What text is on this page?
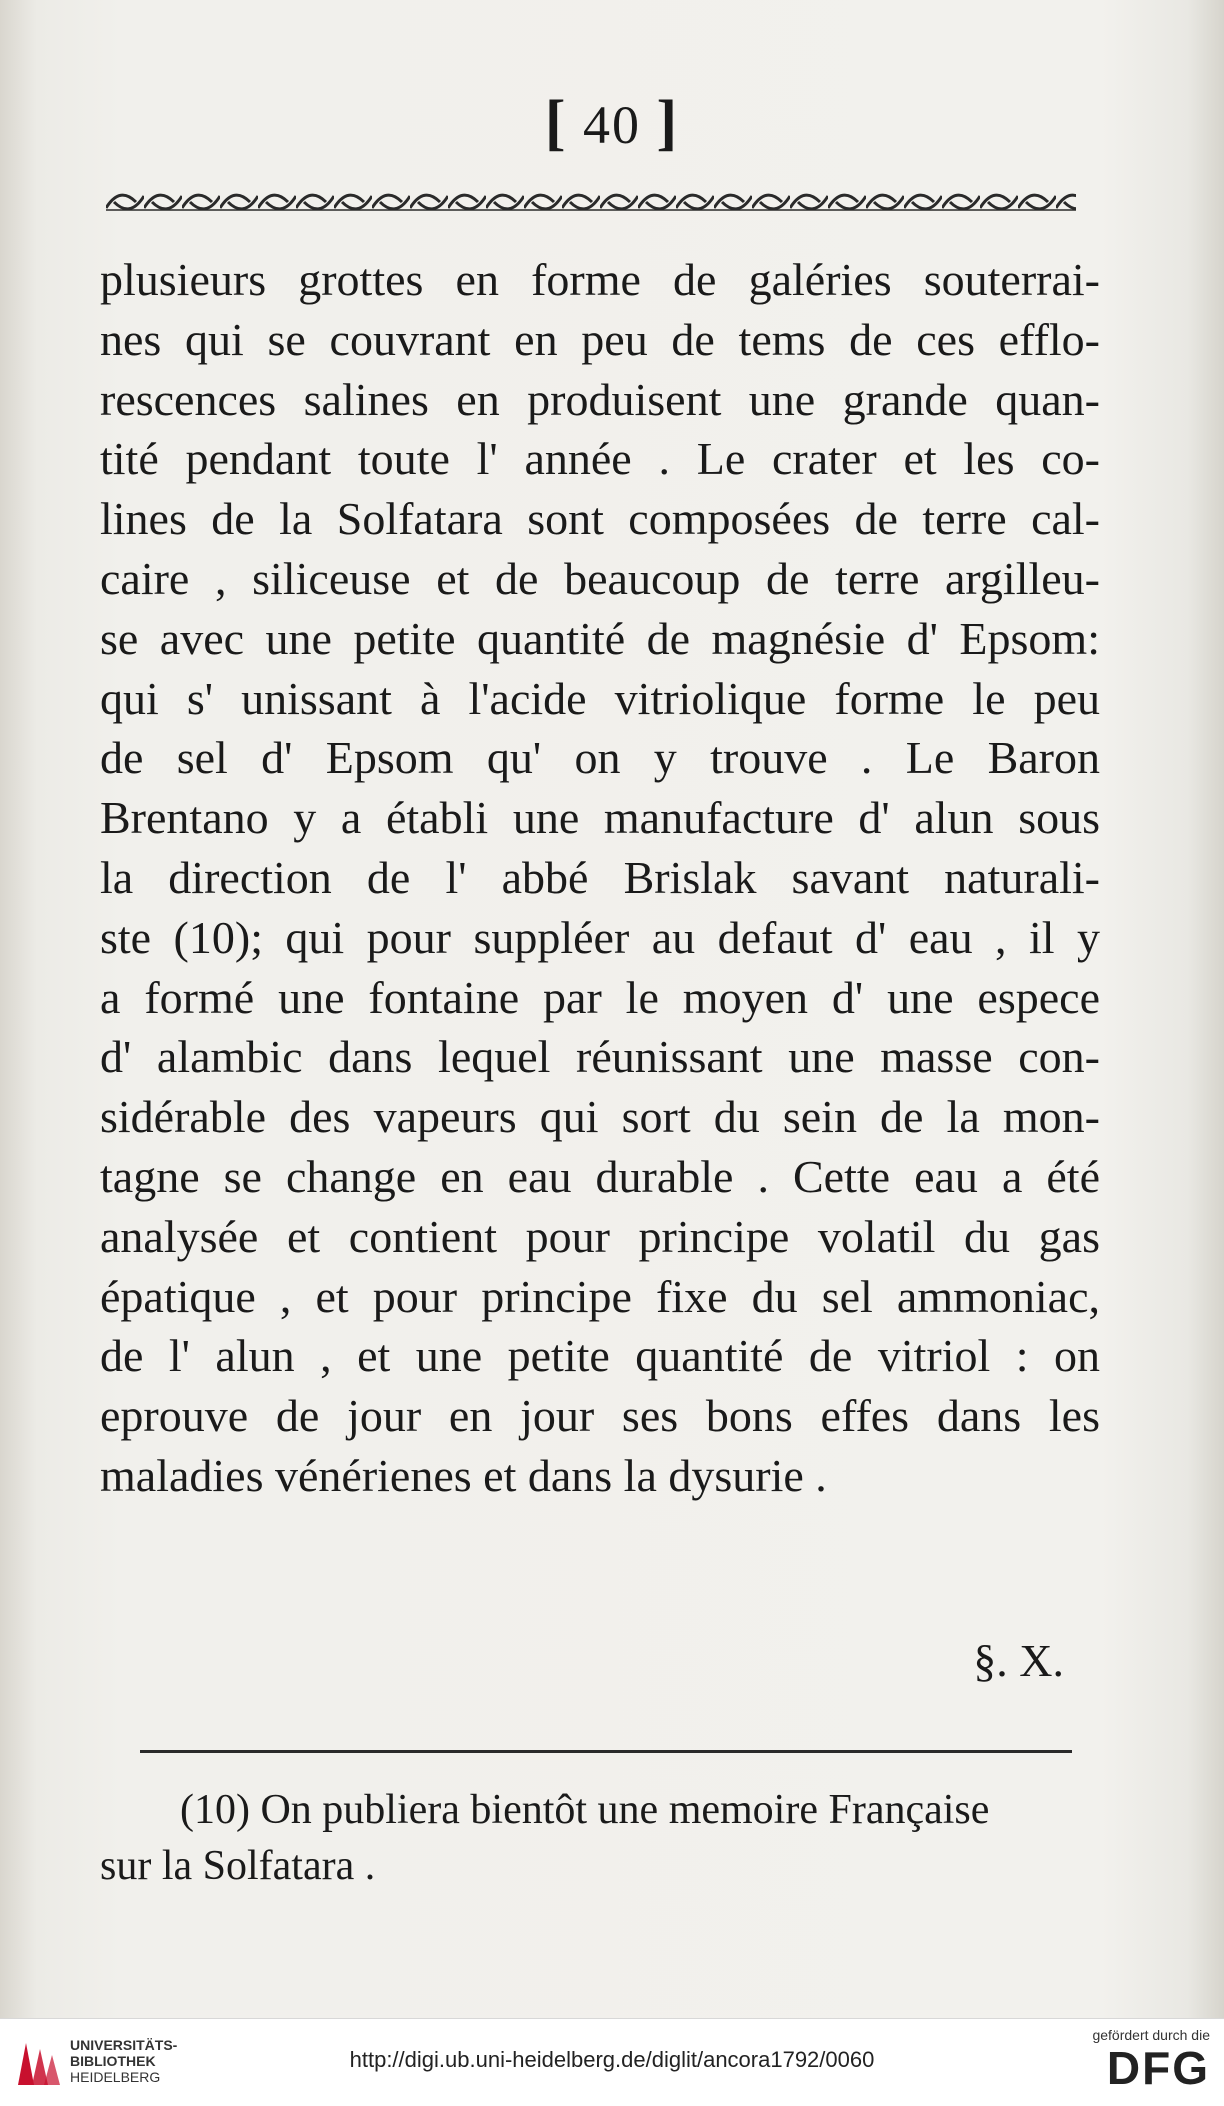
[ 40 ]
plusieurs grottes en forme de galéries souterrai-
nes qui se couvrant en peu de tems de ces efflo-
rescences salines en produisent une grande quan-
tité pendant toute l' année . Le crater et les co-
lines de la Solfatara sont composées de terre cal-
caire , siliceuse et de beaucoup de terre argilleu-
se avec une petite quantité de magnésie d' Epsom:
qui s' unissant à l'acide vitriolique forme le peu
de sel d' Epsom qu' on y trouve . Le Baron
Brentano y a établi une manufacture d' alun sous
la direction de l' abbé Brislak savant naturali-
ste (10); qui pour suppléer au defaut d' eau , il y
a formé une fontaine par le moyen d' une espece
d' alambic dans lequel réunissant une masse con-
sidérable des vapeurs qui sort du sein de la mon-
tagne se change en eau durable . Cette eau a été
analysée et contient pour principe volatil du gas
épatique , et pour principe fixe du sel ammoniac,
de l' alun , et une petite quantité de vitriol : on
eprouve de jour en jour ses bons effes dans les
maladies vénérienes et dans la dysurie .
§. X.
(10) On publiera bientôt une memoire Française
sur la Solfatara .
UNIVERSITÄTS-
BIBLIOTHEK
HEIDELBERG
http://digi.ub.uni-heidelberg.de/diglit/ancora1792/0060
gefördert durch die
DFG
